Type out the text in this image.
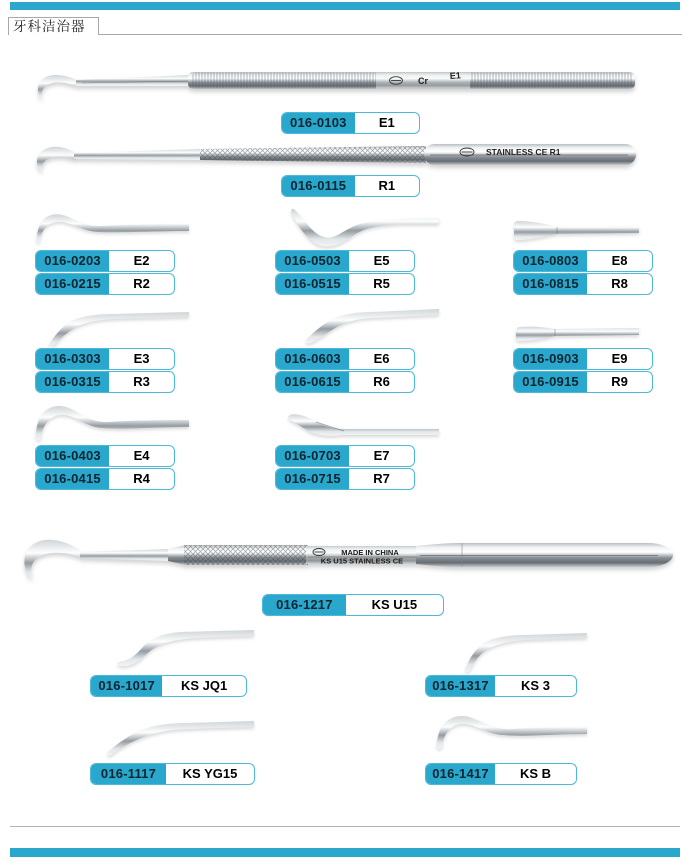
牙科洁治器
Cr
E1
016-0103	E1
STAINLESS CE R1
016-0115	R1
016-0203	E2
016-0215	R2
016-0503	E5
016-0515	R5
016-0803	E8
016-0815	R8
016-0303	E3
016-0315	R3
016-0603	E6
016-0615	R6
016-0903	E9
016-0915	R9
016-0403	E4
016-0415	R4
016-0703	E7
016-0715	R7
MADE IN CHINA
KS U15 STAINLESS CE
016-1217	KS U15
016-1017	KS JQ1	016-1317	KS 3
016-1117	KS YG15	016-1417	KS B
